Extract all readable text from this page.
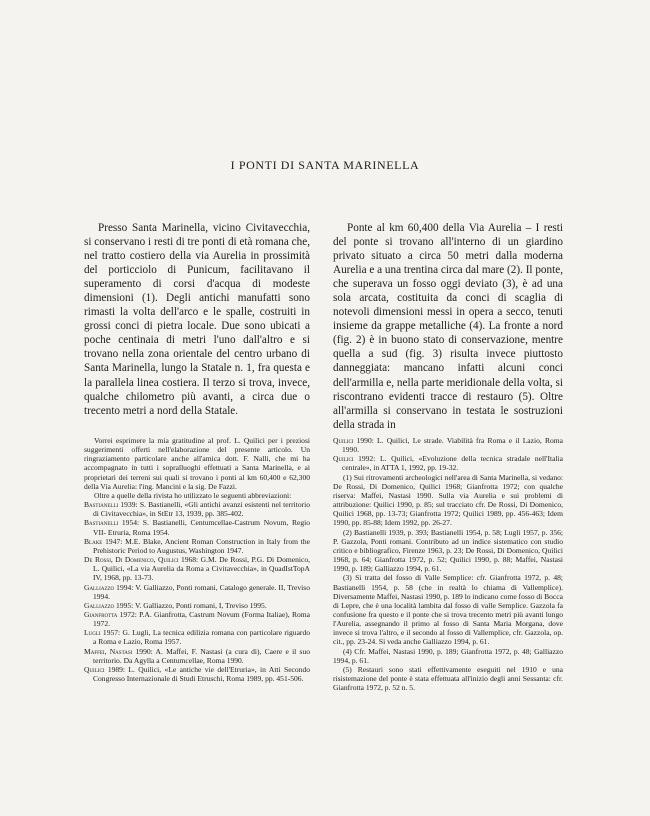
I PONTI DI SANTA MARINELLA

Presso Santa Marinella, vicino Civitavecchia, si conservano i resti di tre ponti di età romana che, nel tratto costiero della via Aurelia in prossimità del porticciolo di Punicum, facilitavano il superamento di corsi d'acqua di modeste dimensioni (1). Degli antichi manufatti sono rimasti la volta dell'arco e le spalle, costruiti in grossi conci di pietra locale. Due sono ubicati a poche centinaia di metri l'uno dall'altro e si trovano nella zona orientale del centro urbano di Santa Marinella, lungo la Statale n. 1, fra questa e la parallela linea costiera. Il terzo si trova, invece, qualche chilometro più avanti, a circa due o trecento metri a nord della Statale.

Ponte al km 60,400 della Via Aurelia – I resti del ponte si trovano all'interno di un giardino privato situato a circa 50 metri dalla moderna Aurelia e a una trentina circa dal mare (2). Il ponte, che superava un fosso oggi deviato (3), è ad una sola arcata, costituita da conci di scaglia di notevoli dimensioni messi in opera a secco, tenuti insieme da grappe metalliche (4). La fronte a nord (fig. 2) è in buono stato di conservazione, mentre quella a sud (fig. 3) risulta invece piuttosto danneggiata: mancano infatti alcuni conci dell'armilla e, nella parte meridionale della volta, si riscontrano evidenti tracce di restauro (5). Oltre all'armilla si conservano in testata le sostruzioni della strada in

Vorrei esprimere la mia gratitudine al prof. L. Quilici per i preziosi suggerimenti offerti nell'elaborazione del presente articolo. Un ringraziamento particolare anche all'amica dott. F. Nalli, che mi ha accompagnato in tutti i sopralluoghi effettuati a Santa Marinella, e ai proprietari dei terreni sui quali si trovano i ponti al km 60,400 e 62,300 della Via Aurelia: l'ing. Mancini e la sig. De Fazzi.

Oltre a quelle della rivista ho utilizzato le seguenti abbreviazioni:

Bastianelli 1939: S. Bastianelli, «Gli antichi avanzi esistenti nel territorio di Civitavecchia», in StEtr 13, 1939, pp. 385-402.

Bastianelli 1954: S. Bastianelli, Centumcellae-Castrum Novum, Regio VII- Etruria, Roma 1954.

Blake 1947: M.E. Blake, Ancient Roman Construction in Italy from the Prehistoric Period to Augustus, Washington 1947.

De Rossi, Di Domenico, Quilici 1968: G.M. De Rossi, P.G. Di Domenico, L. Quilici, «La via Aurelia da Roma a Civitavecchia», in QuadIstTopA IV, 1968, pp. 13-73.

Galliazzo 1994: V. Galliazzo, Ponti romani, Catalogo generale. II, Treviso 1994.

Galliazzo 1995: V. Galliazzo, Ponti romani, I, Treviso 1995.

Gianfrotta 1972: P.A. Gianfrotta, Castrum Novum (Forma Italiae), Roma 1972.

Lugli 1957: G. Lugli, La tecnica edilizia romana con particolare riguardo a Roma e Lazio, Roma 1957.

Maffei, Nastasi 1990: A. Maffei, F. Nastasi (a cura di), Caere e il suo territorio. Da Agylla a Centumcellae, Roma 1990.

Quilici 1989: L. Quilici, «Le antiche vie dell'Etruria», in Atti Secondo Congresso Internazionale di Studi Etruschi, Roma 1989, pp. 451-506.

Quilici 1990: L. Quilici, Le strade. Viabilità fra Roma e il Lazio, Roma 1990.

Quilici 1992: L. Quilici, «Evoluzione della tecnica stradale nell'Italia centrale», in ATTA 1, 1992, pp. 19-32.

(1) Sui ritrovamenti archeologici nell'area di Santa Marinella, si vedano: De Rossi, Di Domenico, Quilici 1968; Gianfrotta 1972; con qualche riserva: Maffei, Nastasi 1990. Sulla via Aurelia e sui problemi di attribuzione: Quilici 1990, p. 85; sul tracciato cfr. De Rossi, Di Domenico, Quilici 1968, pp. 13-73; Gianfrotta 1972; Quilici 1989, pp. 456-463; Idem 1990, pp. 85-88; Idem 1992, pp. 26-27.

(2) Bastianelli 1939, p. 393; Bastianelli 1954, p. 58; Lugli 1957, p. 356; P. Gazzola, Ponti romani. Contributo ad un indice sistematico con studio critico e bibliografico, Firenze 1963, p. 23; De Rossi, Di Domenico, Quilici 1968, p. 64; Gianfrotta 1972, p. 52; Quilici 1990, p. 88; Maffei, Nastasi 1990, p. 189; Galliazzo 1994, p. 61.

(3) Si tratta del fosso di Valle Semplice: cfr. Gianfrotta 1972, p. 48; Bastianelli 1954, p. 58 (che in realtà lo chiama di Vallemplice). Diversamente Maffei, Nastasi 1990, p. 189 lo indicano come fosso di Bocca di Lepre, che è una località lambita dal fosso di valle Semplice. Gazzola fa confusione fra questo e il ponte che si trova trecento metri più avanti lungo l'Aurelia, assegnando il primo al fosso di Santa Maria Morgana, dove invece si trova l'altro, e il secondo al fosso di Vallemplice, cfr. Gazzola, op. cit., pp. 23-24. Si veda anche Galliazzo 1994, p. 61.

(4) Cfr. Maffei, Nastasi 1990, p. 189; Gianfrotta 1972, p. 48; Galliazzo 1994, p. 61.

(5) Restauri sono stati effettivamente eseguiti nel 1910 e una risistemazione del ponte è stata effettuata all'inizio degli anni Sessanta: cfr. Gianfrotta 1972, p. 52 n. 5.
